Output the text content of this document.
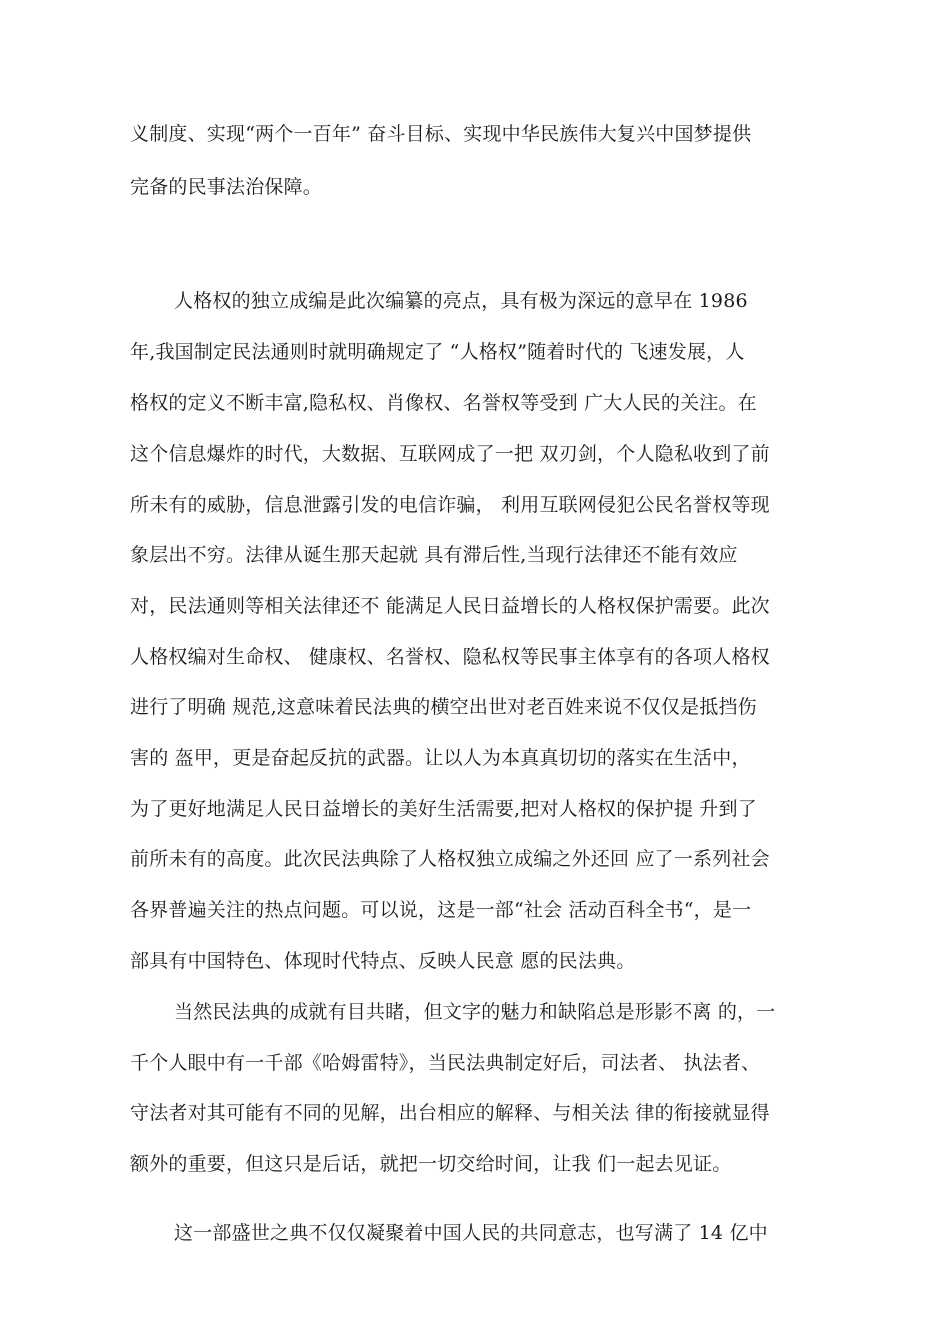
义制度、实现“两个一百年” 奋斗目标、实现中华民族伟大复兴中国梦提供
完备的民事法治保障。
人格权的独立成编是此次编纂的亮点，具有极为深远的意早在 1986
年,我国制定民法通则时就明确规定了 “人格权”随着时代的 飞速发展，人
格权的定义不断丰富,隐私权、肖像权、名誉权等受到 广大人民的关注。在
这个信息爆炸的时代，大数据、互联网成了一把 双刃剑，个人隐私收到了前
所未有的威胁，信息泄露引发的电信诈骗， 利用互联网侵犯公民名誉权等现
象层出不穷。法律从诞生那天起就 具有滞后性,当现行法律还不能有效应
对，民法通则等相关法律还不 能满足人民日益增长的人格权保护需要。此次
人格权编对生命权、 健康权、名誉权、隐私权等民事主体享有的各项人格权
进行了明确 规范,这意味着民法典的横空出世对老百姓来说不仅仅是抵挡伤
害的 盔甲，更是奋起反抗的武器。让以人为本真真切切的落实在生活中，
为了更好地满足人民日益增长的美好生活需要,把对人格权的保护提 升到了
前所未有的高度。此次民法典除了人格权独立成编之外还回 应了一系列社会
各界普遍关注的热点问题。可以说，这是一部“社会 活动百科全书“，是一
部具有中国特色、体现时代特点、反映人民意 愿的民法典。
当然民法典的成就有目共睹，但文字的魅力和缺陷总是形影不离 的，一
千个人眼中有一千部《哈姆雷特》，当民法典制定好后，司法者、 执法者、
守法者对其可能有不同的见解，出台相应的解释、与相关法 律的衔接就显得
额外的重要，但这只是后话，就把一切交给时间，让我 们一起去见证。
这一部盛世之典不仅仅凝聚着中国人民的共同意志，也写满了 14 亿中
